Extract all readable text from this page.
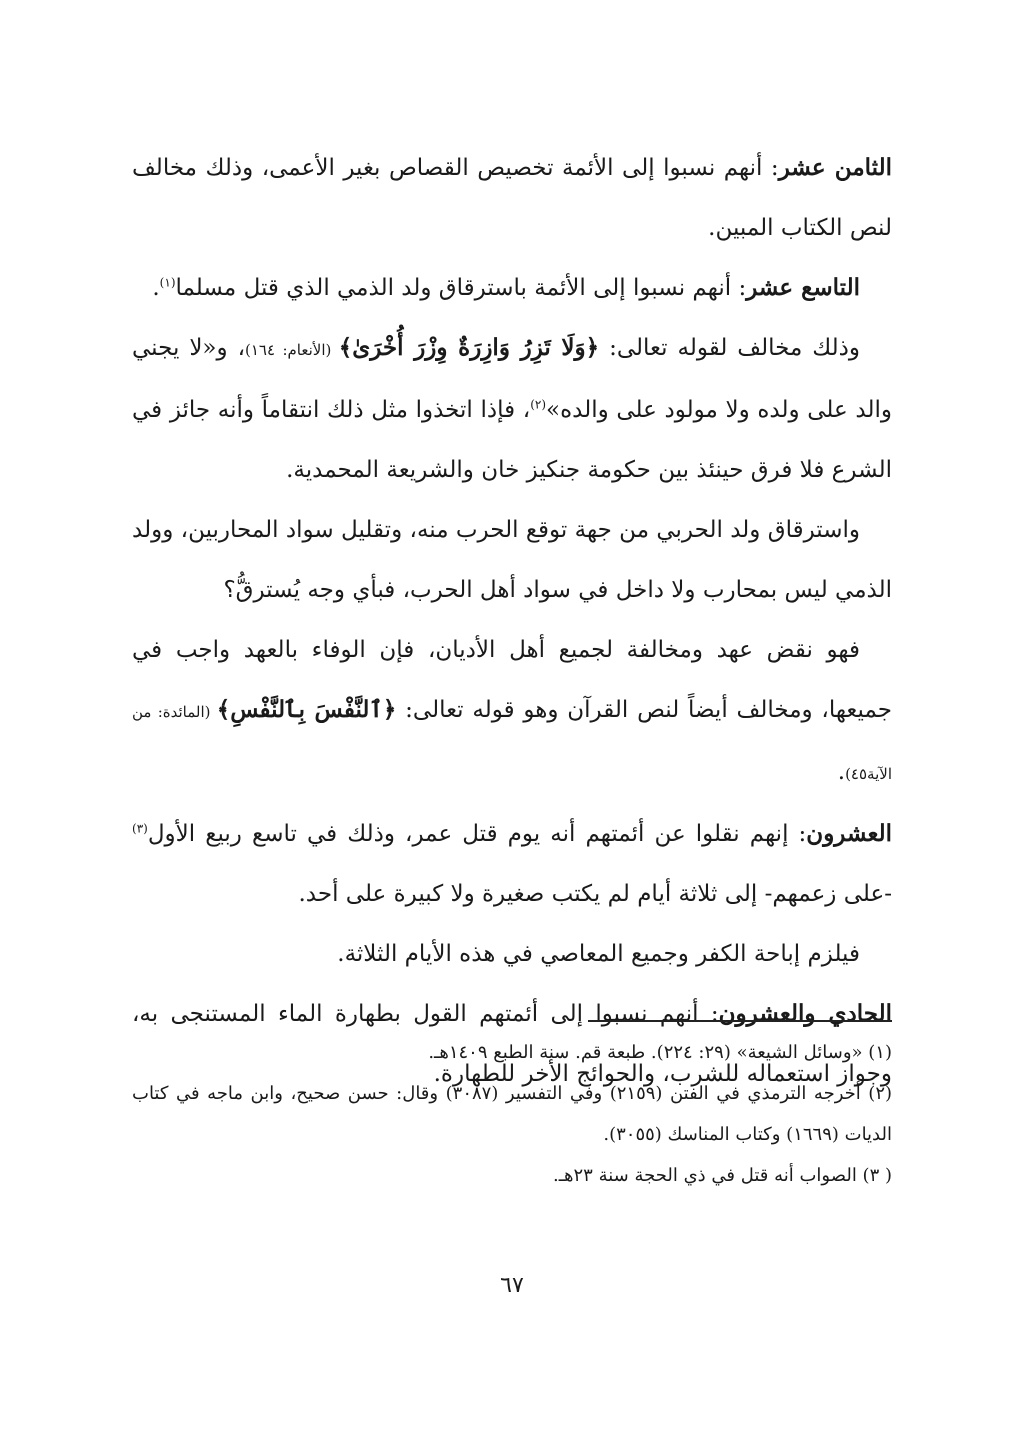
الثامن عشر: أنهم نسبوا إلى الأئمة تخصيص القصاص بغير الأعمى، وذلك مخالف لنص الكتاب المبين.

التاسع عشر: أنهم نسبوا إلى الأئمة باسترقاق ولد الذمي الذي قتل مسلما$^{(١)}$.

وذلك مخالف لقوله تعالى: ﴿وَلَا تَزِرُ وَازِرَةٌ وِزْرَ أُخْرَىٰ﴾ (الأنعام: ١٦٤)، و«لا يجني والد على ولده ولا مولود على والده»$^{(٢)}$، فإذا اتخذوا مثل ذلك انتقاماً وأنه جائز في الشرع فلا فرق حينئذ بين حكومة جنكيز خان والشريعة المحمدية.

واسترقاق ولد الحربي من جهة توقع الحرب منه، وتقليل سواد المحاربين، وولد الذمي ليس بمحارب ولا داخل في سواد أهل الحرب، فبأي وجه يُسترقُّ؟

فهو نقض عهد ومخالفة لجميع أهل الأديان، فإن الوفاء بالعهد واجب في جميعها، ومخالف أيضاً لنص القرآن وهو قوله تعالى: ﴿ٱلنَّفْسَ بِٱلنَّفْسِ﴾ (المائدة: من الآية٤٥).

العشرون: إنهم نقلوا عن أئمتهم أنه يوم قتل عمر، وذلك في تاسع ربيع الأول$^{(٣)}$ -على زعمهم- إلى ثلاثة أيام لم يكتب صغيرة ولا كبيرة على أحد.

فيلزم إباحة الكفر وجميع المعاصي في هذه الأيام الثلاثة.

الحادي والعشرون: أنهم نسبوا إلى أئمتهم القول بطهارة الماء المستنجى به، وجواز استعماله للشرب، والحوائج الأخر للطهارة.

(١) «وسائل الشيعة» (٢٩: ٢٢٤). طبعة قم. سنة الطبع ١٤٠٩هـ.

(٢) أخرجه الترمذي في الفتن (٢١٥٩) وفي التفسير (٣٠٨٧) وقال: حسن صحيح، وابن ماجه في كتاب الديات (١٦٦٩) وكتاب المناسك (٣٠٥٥).

( ٣) الصواب أنه قتل في ذي الحجة سنة ٢٣هـ.

٦٧
